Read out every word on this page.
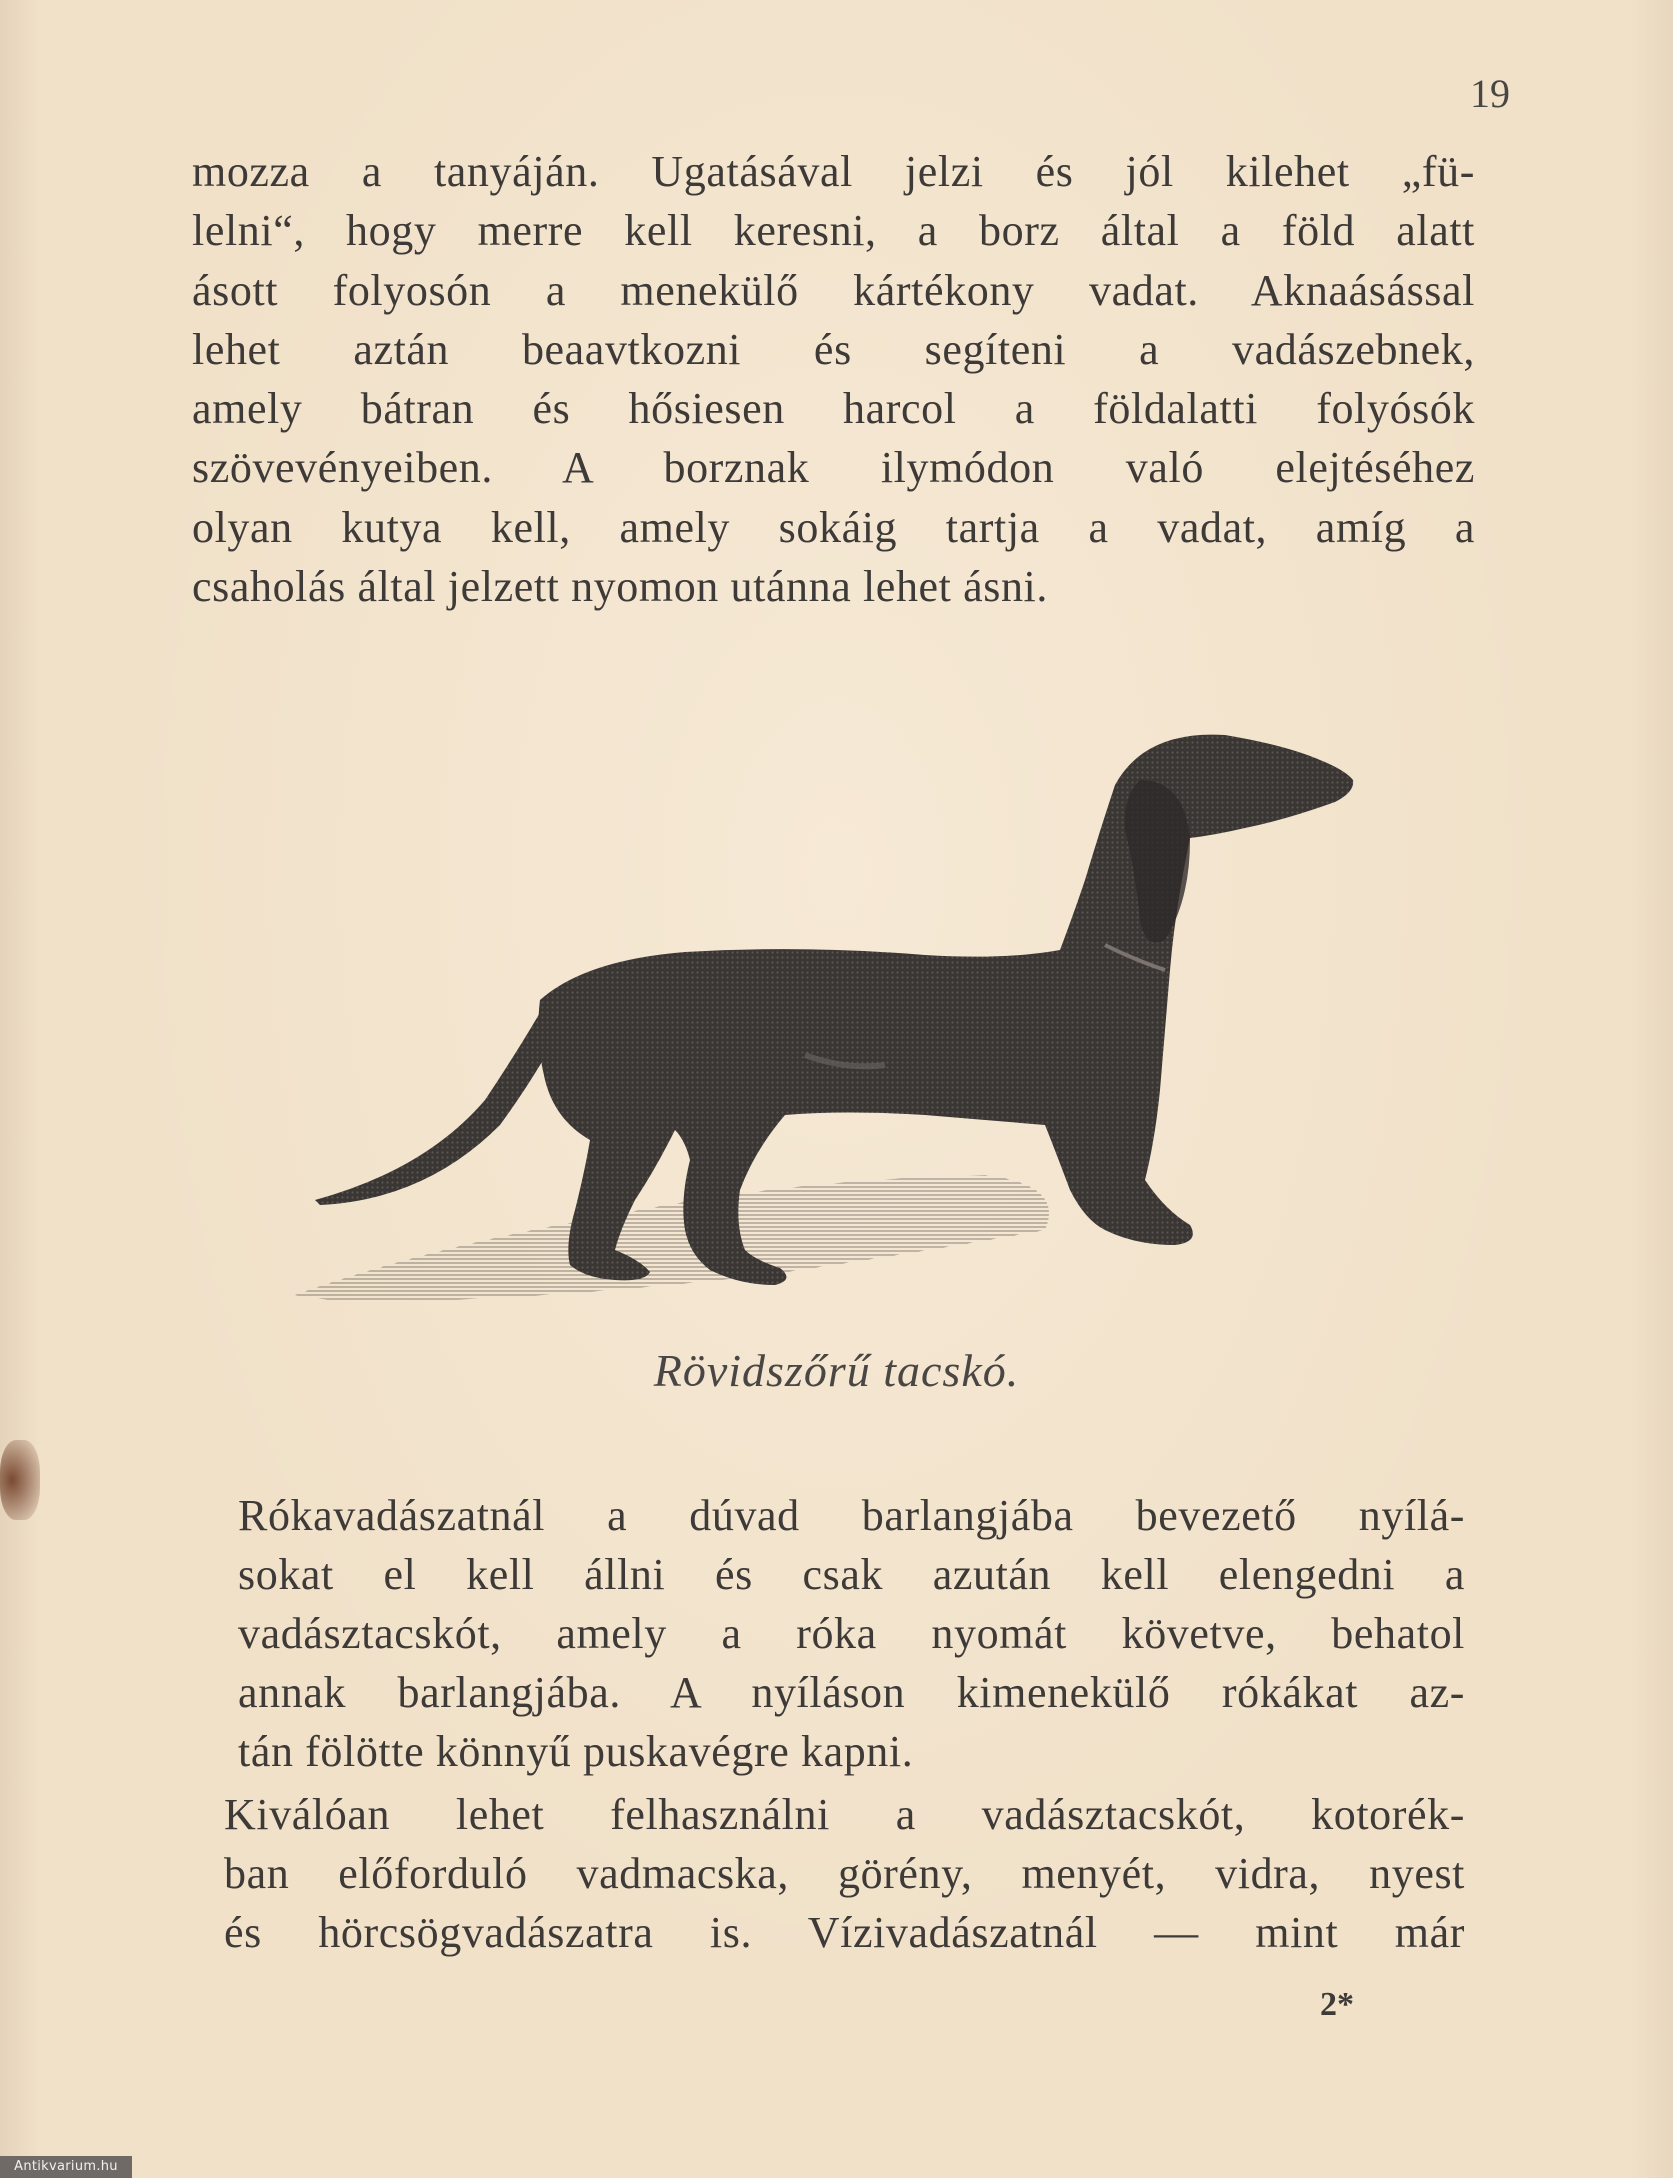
19
mozza a tanyáján. Ugatásával jelzi és jól kilehet „fü-
lelni“, hogy merre kell keresni, a borz által a föld alatt
ásott folyosón a menekülő kártékony vadat. Aknaásással
lehet aztán beaavtkozni és segíteni a vadászebnek,
amely bátran és hősiesen harcol a földalatti folyósók
szövevényeiben. A borznak ilymódon való elejtéséhez
olyan kutya kell, amely sokáig tartja a vadat, amíg a
csaholás által jelzett nyomon utánna lehet ásni.
Rövidszőrű tacskó.
Rókavadászatnál a dúvad barlangjába bevezető nyílá-
sokat el kell állni és csak azután kell elengedni a
vadásztacskót, amely a róka nyomát követve, behatol
annak barlangjába. A nyíláson kimenekülő rókákat az-
tán fölötte könnyű puskavégre kapni.
Kiválóan lehet felhasználni a vadásztacskót, kotorék-
ban előforduló vadmacska, görény, menyét, vidra, nyest
és hörcsögvadászatra is. Vízivadászatnál — mint már
2*
Antikvarium.hu
